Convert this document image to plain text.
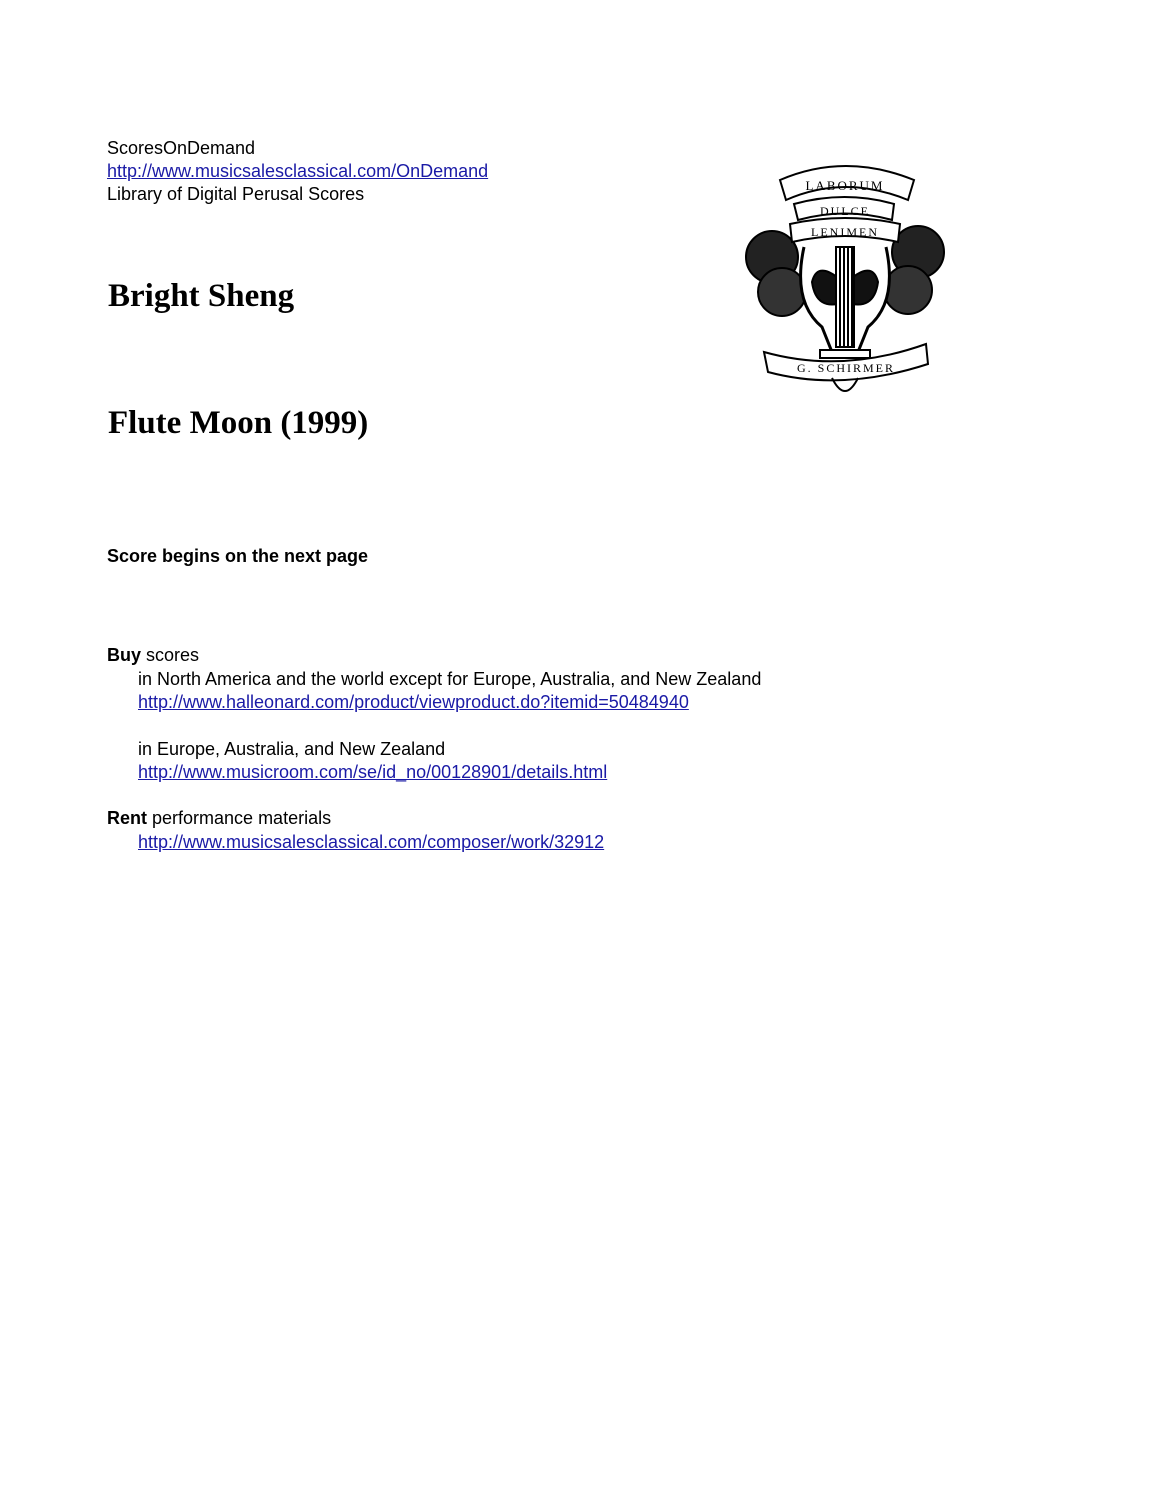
ScoresOnDemand
http://www.musicsalesclassical.com/OnDemand
Library of Digital Perusal Scores
Bright Sheng
Flute Moon (1999)
Score begins on the next page
Buy scores
in North America and the world except for Europe, Australia, and New Zealand
http://www.halleonard.com/product/viewproduct.do?itemid=50484940
in Europe, Australia, and New Zealand
http://www.musicroom.com/se/id_no/00128901/details.html
Rent performance materials
http://www.musicsalesclassical.com/composer/work/32912
LABORUM
DULCE
LENIMEN
G. SCHIRMER
